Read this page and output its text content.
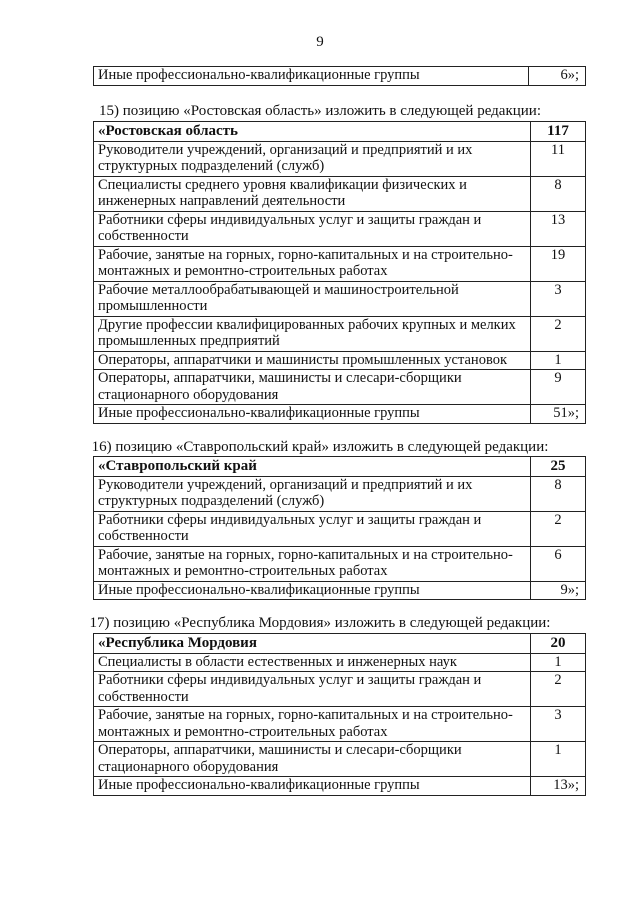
9
Иные профессионально-квалификационные группы	6»;
15) позицию «Ростовская область» изложить в следующей редакции:
«Ростовская область	117
Руководители учреждений, организаций и предприятий и их структурных подразделений (служб)	11
Специалисты среднего уровня квалификации физических и инженерных направлений деятельности	8
Работники сферы индивидуальных услуг и защиты граждан и собственности	13
Рабочие, занятые на горных, горно-капитальных и на строительно-монтажных и ремонтно-строительных работах	19
Рабочие металлообрабатывающей и машиностроительной промышленности	3
Другие профессии квалифицированных рабочих крупных и мелких промышленных предприятий	2
Операторы, аппаратчики и машинисты промышленных установок	1
Операторы, аппаратчики, машинисты и слесари-сборщики стационарного оборудования	9
Иные профессионально-квалификационные группы	51»;
16) позицию «Ставропольский край» изложить в следующей редакции:
«Ставропольский край	25
Руководители учреждений, организаций и предприятий и их структурных подразделений (служб)	8
Работники сферы индивидуальных услуг и защиты граждан и собственности	2
Рабочие, занятые на горных, горно-капитальных и на строительно-монтажных и ремонтно-строительных работах	6
Иные профессионально-квалификационные группы	9»;
17) позицию «Республика Мордовия» изложить в следующей редакции:
«Республика Мордовия	20
Специалисты в области естественных и инженерных наук	1
Работники сферы индивидуальных услуг и защиты граждан и собственности	2
Рабочие, занятые на горных, горно-капитальных и на строительно-монтажных и ремонтно-строительных работах	3
Операторы, аппаратчики, машинисты и слесари-сборщики стационарного оборудования	1
Иные профессионально-квалификационные группы	13»;
